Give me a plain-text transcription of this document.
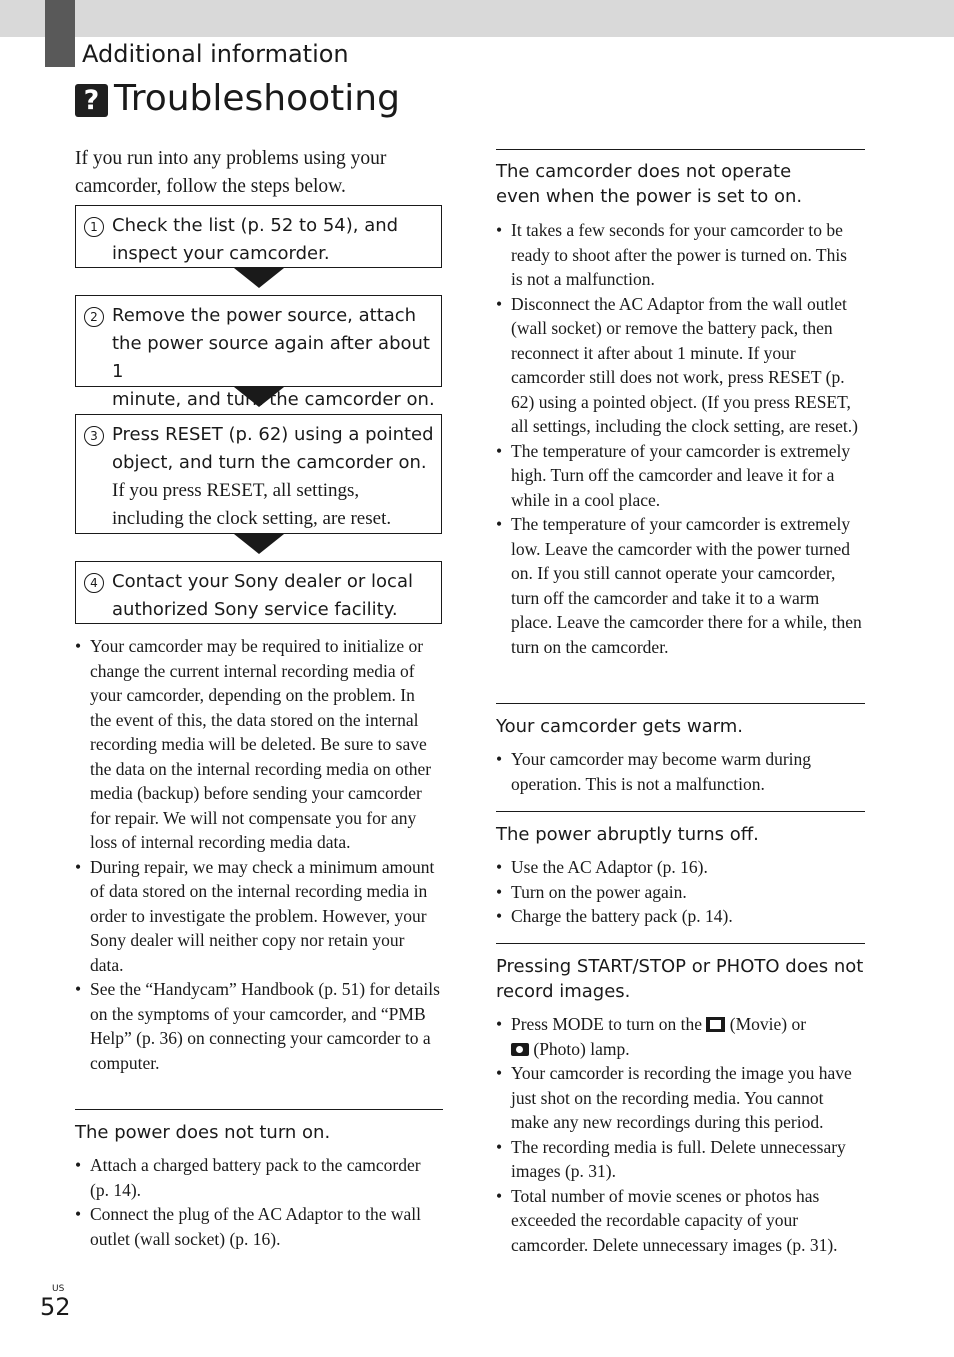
Additional information
? Troubleshooting
If you run into any problems using your camcorder, follow the steps below.
1 Check the list (p. 52 to 54), and
inspect your camcorder.
2 Remove the power source, attach
the power source again after about 1
minute, and turn the camcorder on.
3 Press RESET (p. 62) using a pointed
object, and turn the camcorder on.
If you press RESET, all settings,
including the clock setting, are reset.
4 Contact your Sony dealer or local
authorized Sony service facility.
• Your camcorder may be required to initialize or change the current internal recording media of your camcorder, depending on the problem. In the event of this, the data stored on the internal recording media will be deleted. Be sure to save the data on the internal recording media on other media (backup) before sending your camcorder for repair. We will not compensate you for any loss of internal recording media data.
• During repair, we may check a minimum amount of data stored on the internal recording media in order to investigate the problem. However, your Sony dealer will neither copy nor retain your data.
• See the “Handycam” Handbook (p. 51) for details on the symptoms of your camcorder, and “PMB Help” (p. 36) on connecting your camcorder to a computer.
The power does not turn on.
• Attach a charged battery pack to the camcorder (p. 14).
• Connect the plug of the AC Adaptor to the wall outlet (wall socket) (p. 16).
The camcorder does not operate even when the power is set to on.
• It takes a few seconds for your camcorder to be ready to shoot after the power is turned on. This is not a malfunction.
• Disconnect the AC Adaptor from the wall outlet (wall socket) or remove the battery pack, then reconnect it after about 1 minute. If your camcorder still does not work, press RESET (p. 62) using a pointed object. (If you press RESET, all settings, including the clock setting, are reset.)
• The temperature of your camcorder is extremely high. Turn off the camcorder and leave it for a while in a cool place.
• The temperature of your camcorder is extremely low. Leave the camcorder with the power turned on. If you still cannot operate your camcorder, turn off the camcorder and take it to a warm place. Leave the camcorder there for a while, then turn on the camcorder.
Your camcorder gets warm.
• Your camcorder may become warm during operation. This is not a malfunction.
The power abruptly turns off.
• Use the AC Adaptor (p. 16).
• Turn on the power again.
• Charge the battery pack (p. 14).
Pressing START/STOP or PHOTO does not record images.
• Press MODE to turn on the (Movie) or
(Photo) lamp.
• Your camcorder is recording the image you have just shot on the recording media. You cannot make any new recordings during this period.
• The recording media is full. Delete unnecessary images (p. 31).
• Total number of movie scenes or photos has exceeded the recordable capacity of your camcorder. Delete unnecessary images (p. 31).
US
52
